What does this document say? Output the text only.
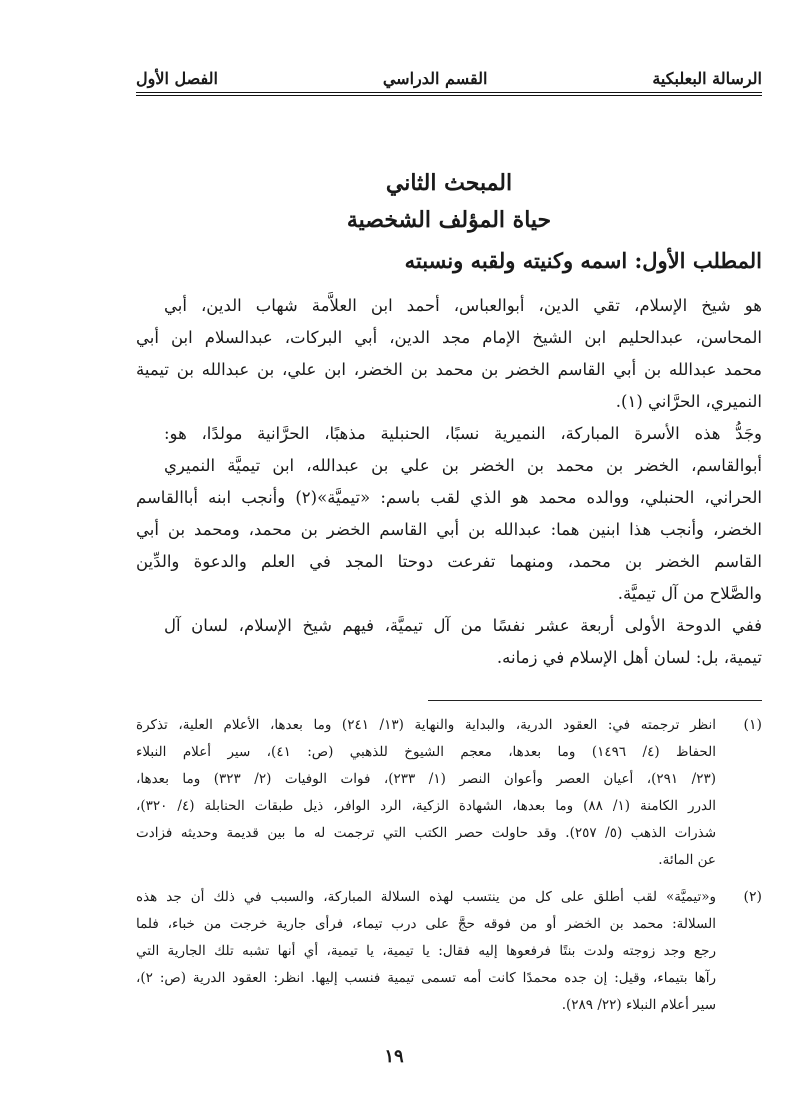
الرسالة البعلبكية
القسم الدراسي
الفصل الأول
المبحث الثاني
حياة المؤلف الشخصية
المطلب الأول: اسمه وكنيته ولقبه ونسبته
هو شيخ الإسلام، تقي الدين، أبوالعباس، أحمد ابن العلاَّمة شهاب الدين، أبي
المحاسن، عبدالحليم ابن الشيخ الإمام مجد الدين، أبي البركات، عبدالسلام ابن أبي
محمد عبدالله بن أبي القاسم الخضر بن محمد بن الخضر، ابن علي، بن عبدالله بن تيمية
النميري، الحرَّاني (١).
وجَدُّ هذه الأسرة المباركة، النميرية نسبًا، الحنبلية مذهبًا، الحرَّانية مولدًا، هو:
أبوالقاسم، الخضر بن محمد بن الخضر بن علي بن عبدالله، ابن تيميَّة النميري
الحراني، الحنبلي، ووالده محمد هو الذي لقب باسم: «تيميَّة»(٢) وأنجب ابنه أباالقاسم
الخضر، وأنجب هذا ابنين هما: عبدالله بن أبي القاسم الخضر بن محمد، ومحمد بن أبي
القاسم الخضر بن محمد، ومنهما تفرعت دوحتا المجد في العلم والدعوة والدِّين
والصَّلاح من آل تيميَّة.
ففي الدوحة الأولى أربعة عشر نفسًا من آل تيميَّة، فيهم شيخ الإسلام، لسان آل
تيمية، بل: لسان أهل الإسلام في زمانه.
(١)
انظر ترجمته في: العقود الدرية، والبداية والنهاية (١٣/ ٢٤١) وما بعدها، الأعلام العلية، تذكرة
الحفاظ (٤/ ١٤٩٦) وما بعدها، معجم الشيوخ للذهبي (ص: ٤١)، سير أعلام النبلاء
(٢٣/ ٢٩١)، أعيان العصر وأعوان النصر (١/ ٢٣٣)، فوات الوفيات (٢/ ٣٢٣) وما بعدها،
الدرر الكامنة (١/ ٨٨) وما بعدها، الشهادة الزكية، الرد الوافر، ذيل طبقات الحنابلة (٤/ ٣٢٠)،
شذرات الذهب (٥/ ٢٥٧). وقد حاولت حصر الكتب التي ترجمت له ما بين قديمة وحديثه فزادت
عن المائة.
(٢)
و«تيميَّة» لقب أطلق على كل من ينتسب لهذه السلالة المباركة، والسبب في ذلك أن جد هذه
السلالة: محمد بن الخضر أو من فوقه حجَّ على درب تيماء، فرأى جارية خرجت من خباء، فلما
رجع وجد زوجته ولدت بنتًا فرفعوها إليه فقال: يا تيمية، يا تيمية، أي أنها تشبه تلك الجارية التي
رآها بتيماء، وقيل: إن جده محمدًا كانت أمه تسمى تيمية فنسب إليها. انظر: العقود الدرية (ص: ٢)،
سير أعلام النبلاء (٢٢/ ٢٨٩).
١٩
